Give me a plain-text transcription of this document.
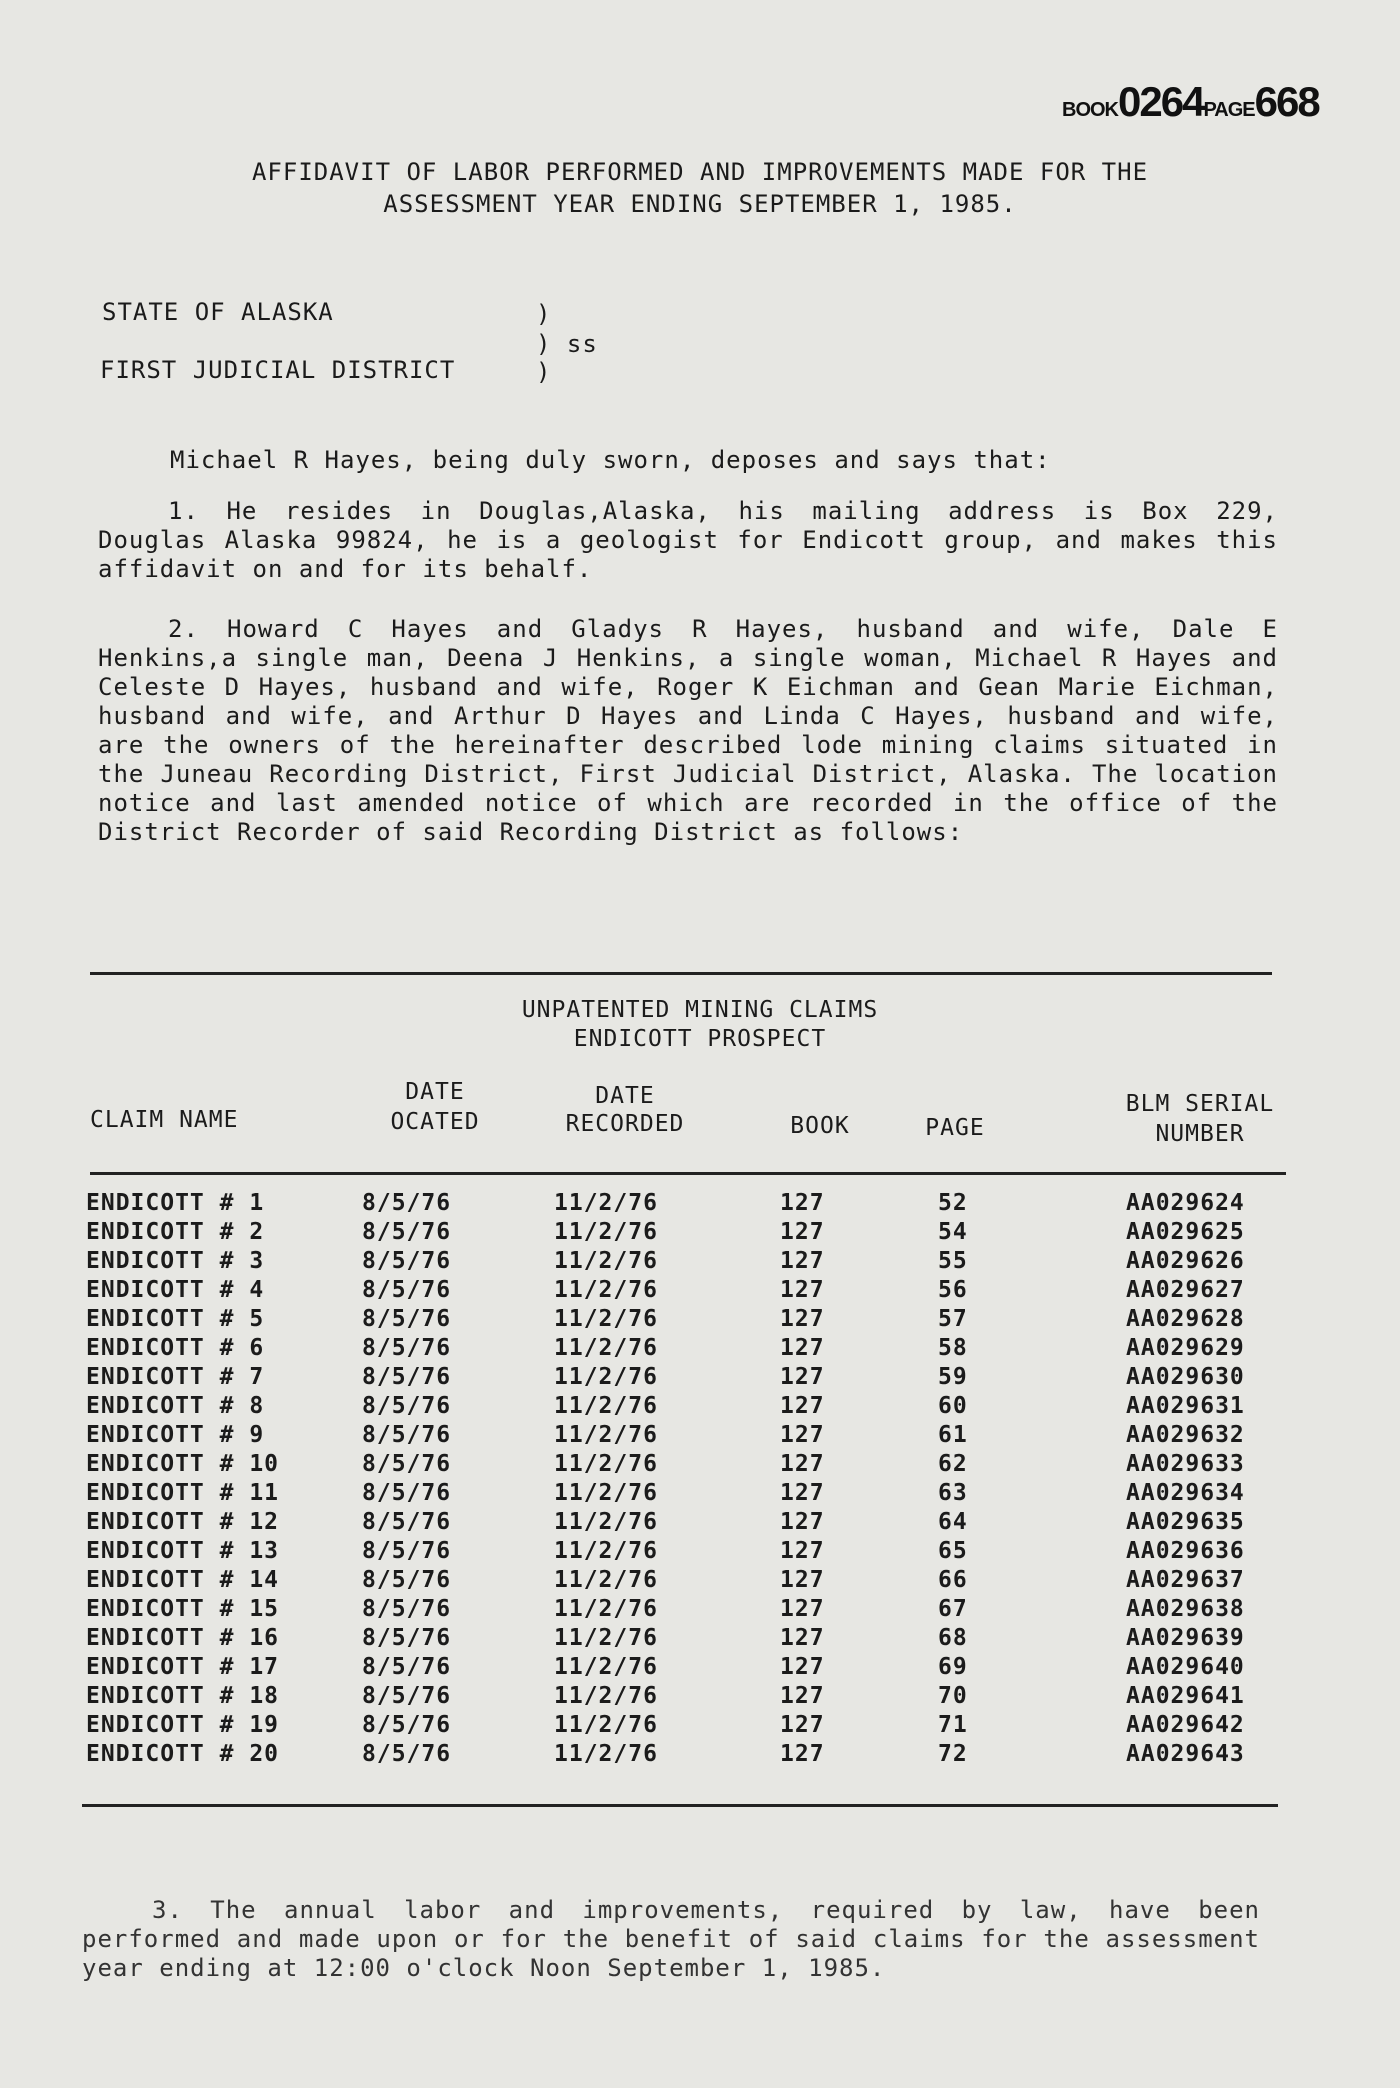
BOOK0264PAGE668
AFFIDAVIT OF LABOR PERFORMED AND IMPROVEMENTS MADE FOR THE
ASSESSMENT YEAR ENDING SEPTEMBER 1, 1985.
STATE OF ALASKA
FIRST JUDICIAL DISTRICT
)
) ss
)
Michael R Hayes, being duly sworn, deposes and says that:
1. He resides in Douglas,Alaska, his mailing address is Box 229, Douglas Alaska 99824, he is a geologist for Endicott group, and makes this affidavit on and for its behalf.
2. Howard C Hayes and Gladys R Hayes, husband and wife, Dale E Henkins,a single man, Deena J Henkins, a single woman, Michael R Hayes and Celeste D Hayes, husband and wife, Roger K Eichman and Gean Marie Eichman, husband and wife, and Arthur D Hayes and Linda C Hayes, husband and wife, are the owners of the hereinafter described lode mining claims situated in the Juneau Recording District, First Judicial District, Alaska. The location notice and last amended notice of which are recorded in the office of the District Recorder of said Recording District as follows:
UNPATENTED MINING CLAIMS
ENDICOTT PROSPECT
CLAIM NAME
DATE
OCATED
DATE
RECORDED	BOOK	PAGE
BLM SERIAL
NUMBER
ENDICOTT # 1	8/5/76	11/2/76	127	52	AA029624
ENDICOTT # 2	8/5/76	11/2/76	127	54	AA029625
ENDICOTT # 3	8/5/76	11/2/76	127	55	AA029626
ENDICOTT # 4	8/5/76	11/2/76	127	56	AA029627
ENDICOTT # 5	8/5/76	11/2/76	127	57	AA029628
ENDICOTT # 6	8/5/76	11/2/76	127	58	AA029629
ENDICOTT # 7	8/5/76	11/2/76	127	59	AA029630
ENDICOTT # 8	8/5/76	11/2/76	127	60	AA029631
ENDICOTT # 9	8/5/76	11/2/76	127	61	AA029632
ENDICOTT # 10	8/5/76	11/2/76	127	62	AA029633
ENDICOTT # 11	8/5/76	11/2/76	127	63	AA029634
ENDICOTT # 12	8/5/76	11/2/76	127	64	AA029635
ENDICOTT # 13	8/5/76	11/2/76	127	65	AA029636
ENDICOTT # 14	8/5/76	11/2/76	127	66	AA029637
ENDICOTT # 15	8/5/76	11/2/76	127	67	AA029638
ENDICOTT # 16	8/5/76	11/2/76	127	68	AA029639
ENDICOTT # 17	8/5/76	11/2/76	127	69	AA029640
ENDICOTT # 18	8/5/76	11/2/76	127	70	AA029641
ENDICOTT # 19	8/5/76	11/2/76	127	71	AA029642
ENDICOTT # 20	8/5/76	11/2/76	127	72	AA029643
3. The annual labor and improvements, required by law, have been performed and made upon or for the benefit of said claims for the assessment year ending at 12:00 o'clock Noon September 1, 1985.
